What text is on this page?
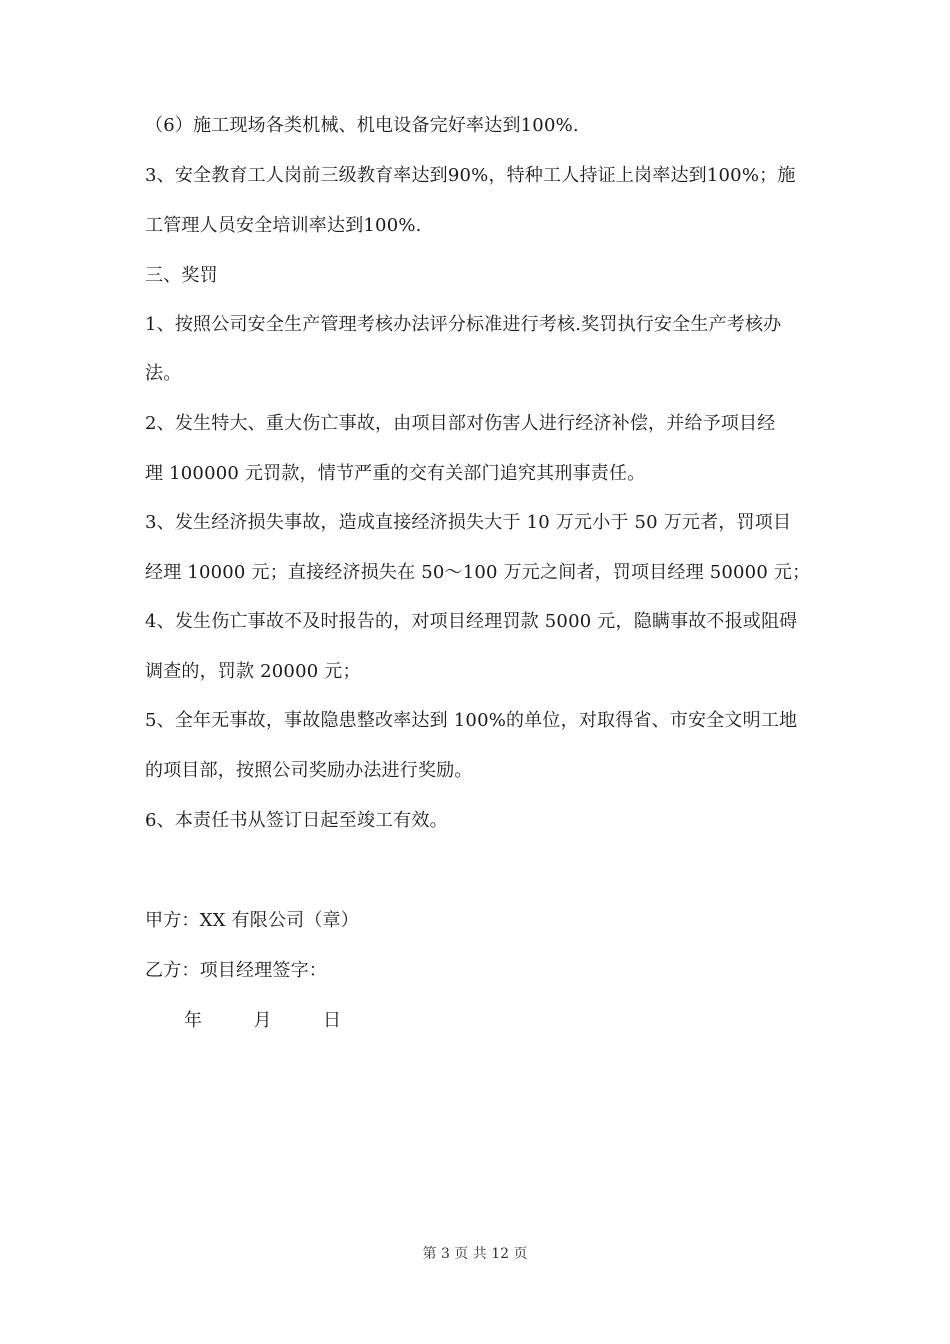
（6）施工现场各类机械、机电设备完好率达到100%.
3、安全教育工人岗前三级教育率达到90%，特种工人持证上岗率达到100%；施
工管理人员安全培训率达到100%.
三、奖罚
1、按照公司安全生产管理考核办法评分标准进行考核.奖罚执行安全生产考核办
法。
2、发生特大、重大伤亡事故，由项目部对伤害人进行经济补偿，并给予项目经
理 100000 元罚款，情节严重的交有关部门追究其刑事责任。
3、发生经济损失事故，造成直接经济损失大于 10 万元小于 50 万元者，罚项目
经理 10000 元；直接经济损失在 50～100 万元之间者，罚项目经理 50000 元；
4、发生伤亡事故不及时报告的，对项目经理罚款 5000 元，隐瞒事故不报或阻碍
调查的，罚款 20000 元；
5、全年无事故，事故隐患整改率达到 100%的单位，对取得省、市安全文明工地
的项目部，按照公司奖励办法进行奖励。
6、本责任书从签订日起至竣工有效。
甲方：XX 有限公司（章）
乙方：项目经理签字：
年	月	日
第 3 页 共 12 页
